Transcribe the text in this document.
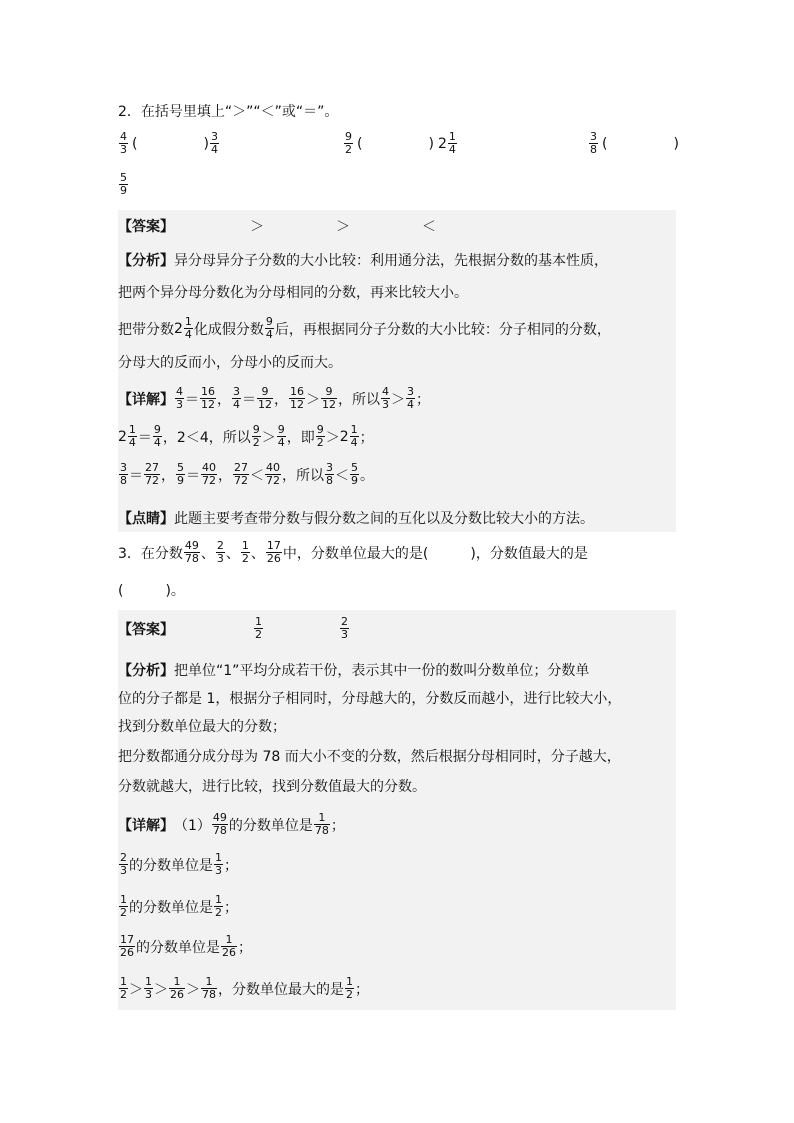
2．在括号里填上“＞”“＜”或“＝”。
$\frac{4}{3}$ (	) $\frac{3}{4}$	$\frac{9}{2}$ (	) $2 \frac{1}{4}$	$\frac{3}{8}$ (	)
$\frac{5}{9}$
【答案】	＞	＞	＜
【分析】 异分母异分子分数的大小比较：利用通分法，先根据分数的基本性质，
把两个异分母分数化为分母相同的分数，再来比较大小。
把带分数 $2 \frac{1}{4}$ 化成假分数 $\frac{9}{4}$ 后，再根据同分子分数的大小比较：分子相同的分数，
分母大的反而小，分母小的反而大。
【详解】 $\frac{4}{3} = \frac{16}{12}$ ， $\frac{3}{4} = \frac{9}{12}$ ， $\frac{16}{12} > \frac{9}{12}$ ， 所以 $\frac{4}{3} > \frac{3}{4}$ ；
$2 \frac{1}{4} = \frac{9}{4}$ ， 2＜4，所以 $\frac{9}{2} > \frac{9}{4}$ ，即 $\frac{9}{2} > 2 \frac{1}{4}$ ；
$\frac{3}{8} = \frac{27}{72}$ ， $\frac{5}{9} = \frac{40}{72}$ ， $\frac{27}{72} < \frac{40}{72}$ ， 所以 $\frac{3}{8} < \frac{5}{9}$ 。
【点睛】 此题主要考查带分数与假分数之间的互化以及分数比较大小的方法。
3．在分数 $\frac{49}{78}$ 、 $\frac{2}{3}$ 、 $\frac{1}{2}$ 、 $\frac{17}{26}$ 中，分数单位最大的是(　　　)，分数值最大的是
(　　　)。
【答案】	$\frac{1}{2}$	$\frac{2}{3}$
【分析】 把单位“1”平均分成若干份，表示其中一份的数叫分数单位；分数单
位的分子都是 1，根据分子相同时，分母越大的，分数反而越小，进行比较大小，
找到分数单位最大的分数；
把分数都通分成分母为 78 而大小不变的分数，然后根据分母相同时，分子越大，
分数就越大，进行比较，找到分数值最大的分数。
【详解】 $(1) \frac{49}{78}$ 的分数单位是 $\frac{1}{78}$ ；
$\frac{2}{3}$ 的分数单位是 $\frac{1}{3}$ ；
$\frac{1}{2}$ 的分数单位是 $\frac{1}{2}$ ；
$\frac{17}{26}$ 的分数单位是 $\frac{1}{26}$ ；
$\frac{1}{2} > \frac{1}{3} > \frac{1}{26} > \frac{1}{78}$ ，分数单位最大的是 $\frac{1}{2}$ ；
